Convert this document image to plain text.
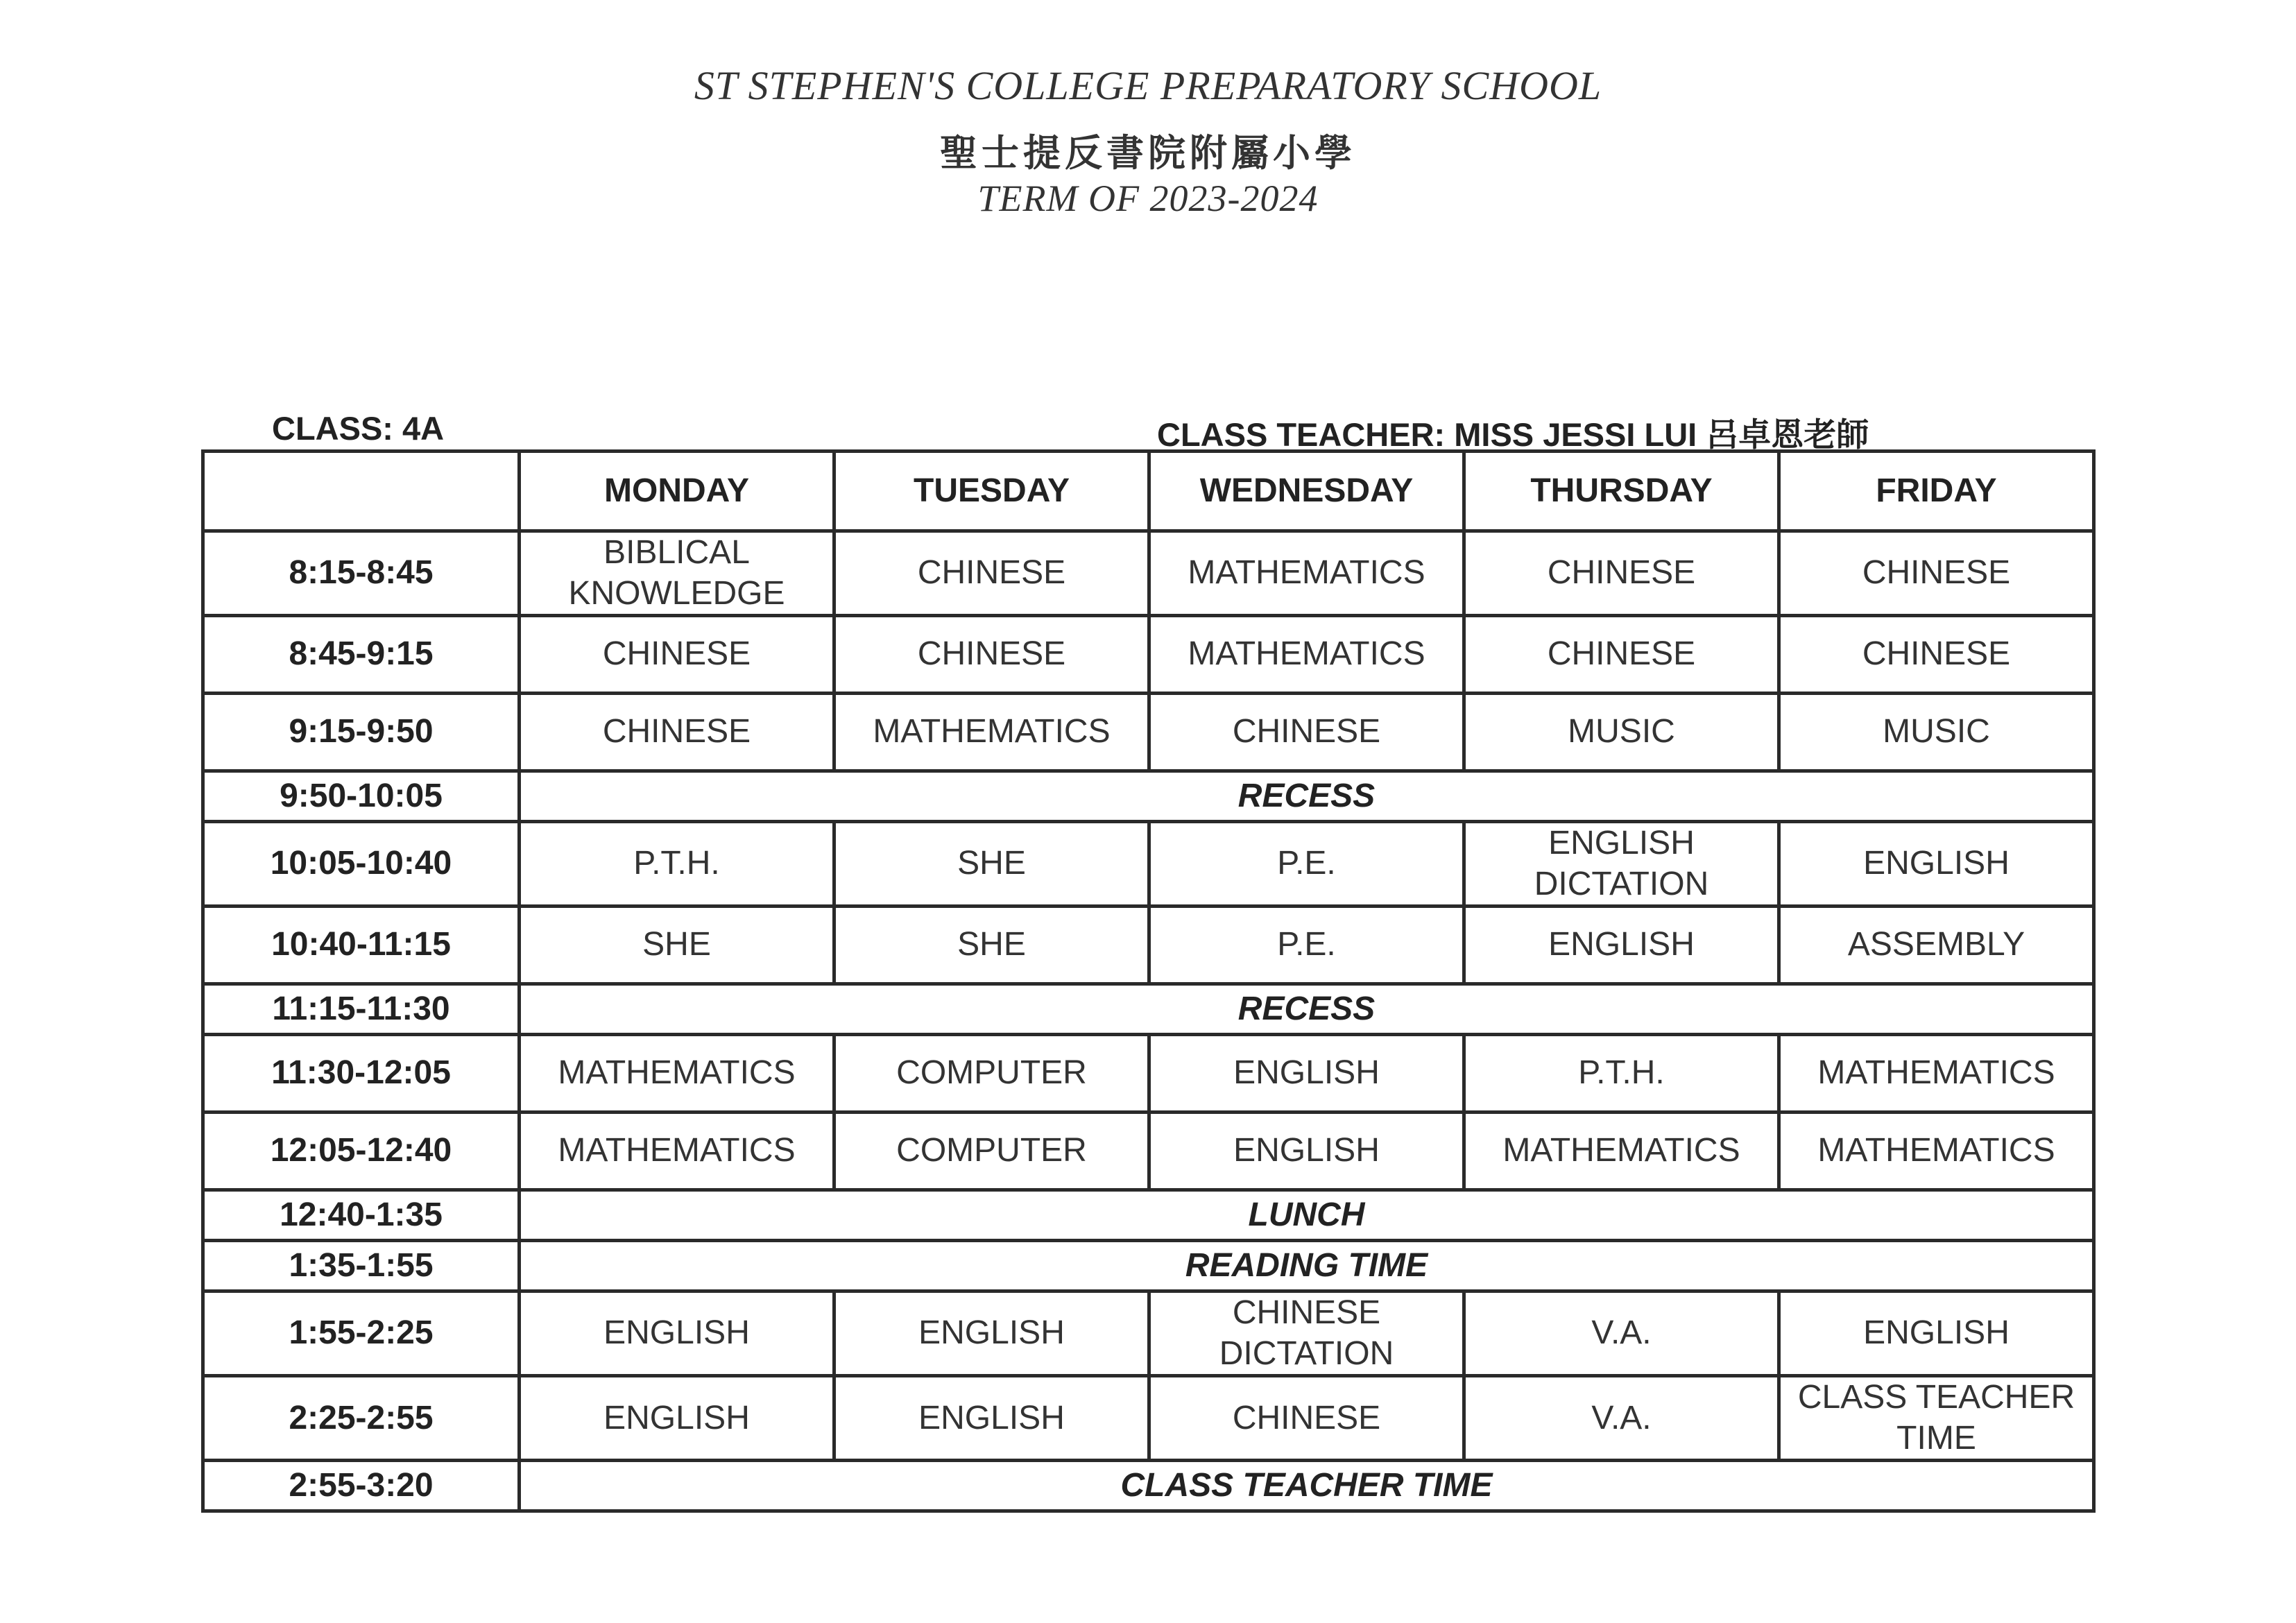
ST STEPHEN'S COLLEGE PREPARATORY SCHOOL
聖士提反書院附屬小學
TERM OF 2023-2024
CLASS: 4A	CLASS TEACHER: MISS JESSI LUI 呂卓恩老師
	MONDAY	TUESDAY	WEDNESDAY	THURSDAY	FRIDAY
8:15-8:45	BIBLICAL KNOWLEDGE	CHINESE	MATHEMATICS	CHINESE	CHINESE
8:45-9:15	CHINESE	CHINESE	MATHEMATICS	CHINESE	CHINESE
9:15-9:50	CHINESE	MATHEMATICS	CHINESE	MUSIC	MUSIC
9:50-10:05	RECESS				
10:05-10:40	P.T.H.	SHE	P.E.	ENGLISH DICTATION	ENGLISH
10:40-11:15	SHE	SHE	P.E.	ENGLISH	ASSEMBLY
11:15-11:30	RECESS				
11:30-12:05	MATHEMATICS	COMPUTER	ENGLISH	P.T.H.	MATHEMATICS
12:05-12:40	MATHEMATICS	COMPUTER	ENGLISH	MATHEMATICS	MATHEMATICS
12:40-1:35	LUNCH				
1:35-1:55	READING TIME				
1:55-2:25	ENGLISH	ENGLISH	CHINESE DICTATION	V.A.	ENGLISH
2:25-2:55	ENGLISH	ENGLISH	CHINESE	V.A.	CLASS TEACHER TIME
2:55-3:20	CLASS TEACHER TIME				
